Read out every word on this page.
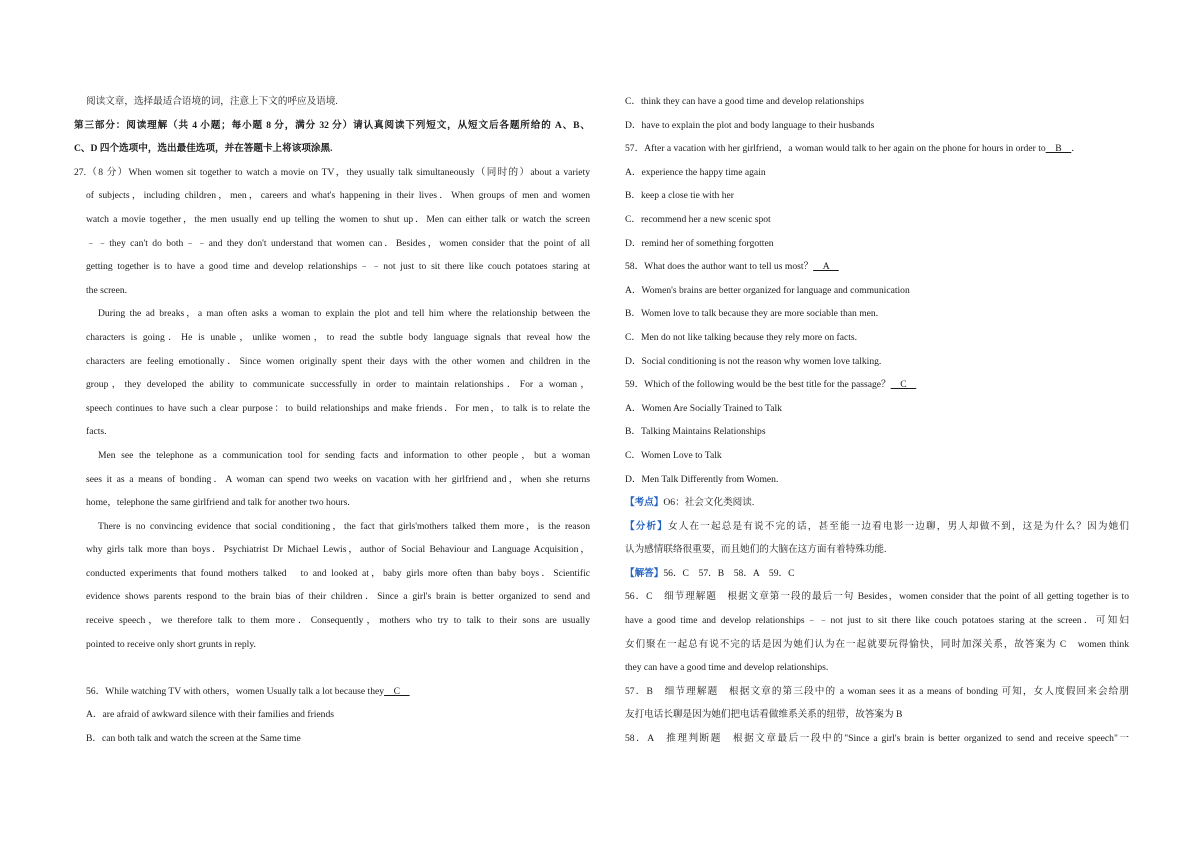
阅读文章，选择最适合语境的词，注意上下文的呼应及语境.
第三部分：阅读理解（共 4 小题；每小题 8 分，满分 32 分）请认真阅读下列短文，从短文后各题所给的 A、B、
C、D 四个选项中，选出最佳选项，并在答题卡上将该项涂黑.
27.（8 分）When women sit together to watch a movie on TV，they usually talk simultaneously（同时的）about a variety
of subjects，including children，men，careers and what's happening in their lives．When groups of men and women
watch a movie together，the men usually end up telling the women to shut up．Men can either talk or watch the screen
﹣﹣they can't do both﹣﹣and they don't understand that women can．Besides，women consider that the point of all
getting together is to have a good time and develop relationships﹣﹣not just to sit there like couch potatoes staring at
the screen.
During the ad breaks，a man often asks a woman to explain the plot and tell him where the relationship between the
characters is going．He is unable，unlike women，to read the subtle body language signals that reveal how the
characters are feeling emotionally．Since women originally spent their days with the other women and children in the
group，they developed the ability to communicate successfully in order to maintain relationships．For a woman，
speech continues to have such a clear purpose：to build relationships and make friends．For men，to talk is to relate the
facts.
Men see the telephone as a communication tool for sending facts and information to other people，but a woman
sees it as a means of bonding．A woman can spend two weeks on vacation with her girlfriend and，when she returns
home，telephone the same girlfriend and talk for another two hours.
There is no convincing evidence that social conditioning，the fact that girls'mothers talked them more，is the reason
why girls talk more than boys．Psychiatrist Dr Michael Lewis，author of Social Behaviour and Language Acquisition，
conducted experiments that found mothers talked　to and looked at，baby girls more often than baby boys．Scientific
evidence shows parents respond to the brain bias of their children．Since a girl's brain is better organized to send and
receive speech，we therefore talk to them more．Consequently，mothers who try to talk to their sons are usually
pointed to receive only short grunts in reply.
56．While watching TV with others，women Usually talk a lot because they　C　
A．are afraid of awkward silence with their families and friends
B．can both talk and watch the screen at the Same time
C．think they can have a good time and develop relationships
D．have to explain the plot and body language to their husbands
57．After a vacation with her girlfriend，a woman would talk to her again on the phone for hours in order to　B　．
A．experience the happy time again
B．keep a close tie with her
C．recommend her a new scenic spot
D．remind her of something forgotten
58．What does the author want to tell us most？　A　
A．Women's brains are better organized for language and communication
B．Women love to talk because they are more sociable than men.
C．Men do not like talking because they rely more on facts.
D．Social conditioning is not the reason why women love talking.
59．Which of the following would be the best title for the passage？　C　
A．Women Are Socially Trained to Talk
B．Talking Maintains Relationships
C．Women Love to Talk
D．Men Talk Differently from Women.
【考点】O6：社会文化类阅读.
【分析】女人在一起总是有说不完的话，甚至能一边看电影一边聊，男人却做不到，这是为什么？因为她们
认为感情联络很重要，而且她们的大脑在这方面有着特殊功能.
【解答】56．C　57．B　58．A　59．C
56．C　细节理解题　根据文章第一段的最后一句 Besides，women consider that the point of all getting together is to
have a good time and develop relationships﹣﹣not just to sit there like couch potatoes staring at the screen．可知妇
女们聚在一起总有说不完的话是因为她们认为在一起就要玩得愉快，同时加深关系，故答案为 C　women think
they can have a good time and develop relationships.
57．B　细节理解题　根据文章的第三段中的 a woman sees it as a means of bonding 可知，女人度假回来会给朋
友打电话长聊是因为她们把电话看做维系关系的纽带，故答案为 B
58．A　推理判断题　根据文章最后一段中的"Since a girl's brain is better organized to send and receive speech"一
